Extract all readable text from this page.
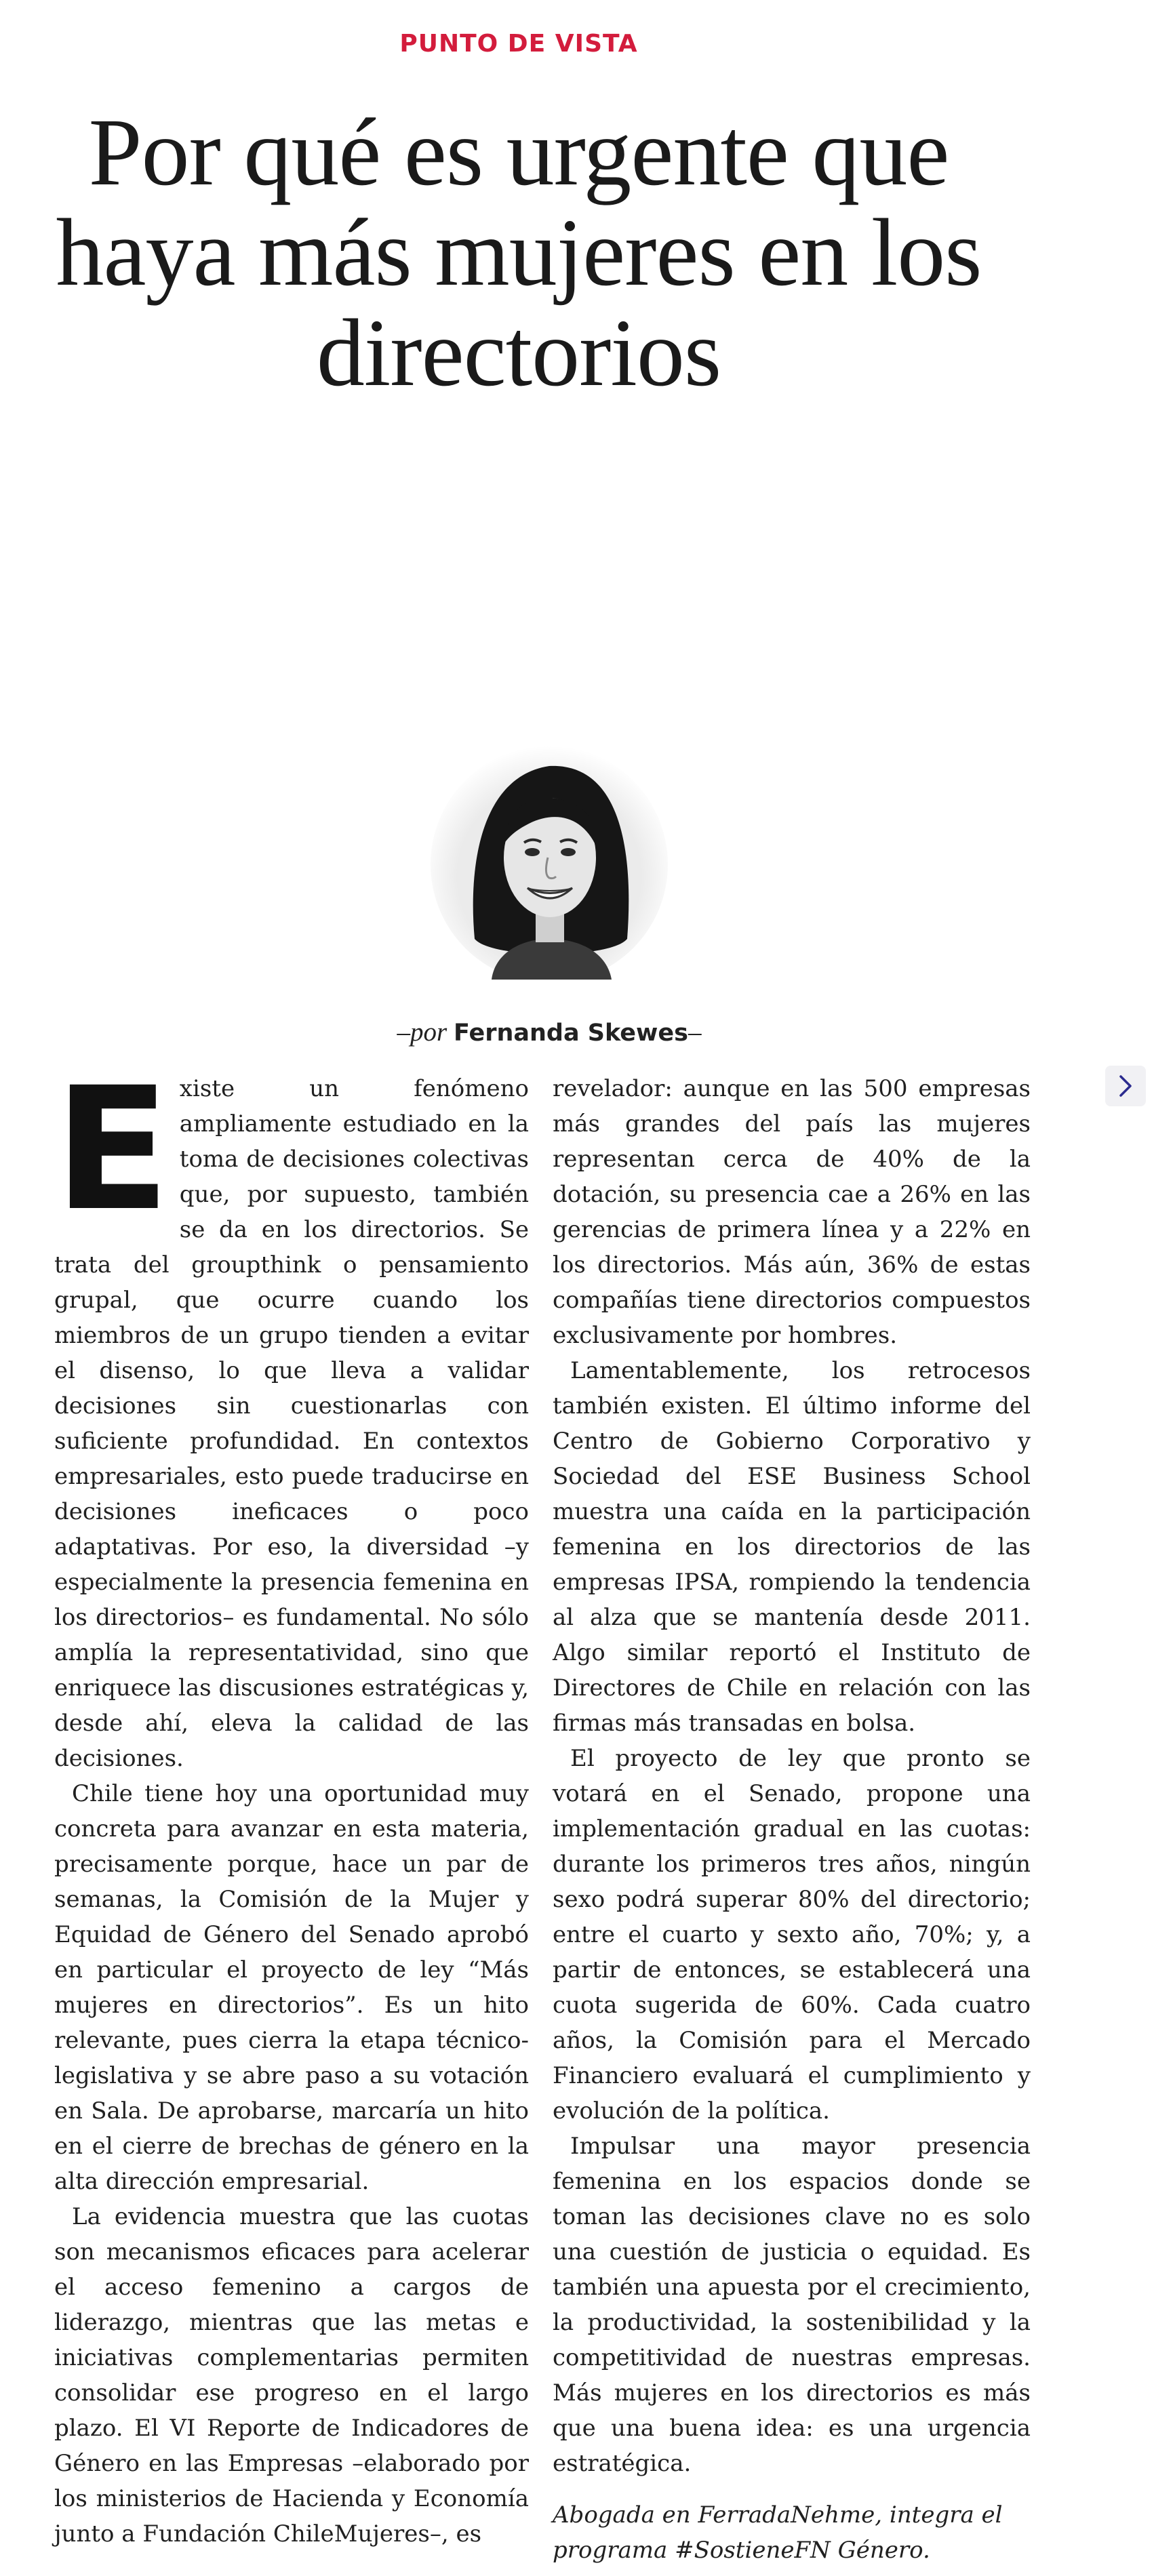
PUNTO DE VISTA
Por qué es urgente que haya más mujeres en los directorios
–por Fernanda Skewes–

Existe un fenómeno ampliamente estudiado en la toma de decisiones colectivas que, por supuesto, también se da en los directorios. Se trata del groupthink o pensamiento grupal, que ocurre cuando los miembros de un grupo tienden a evitar el disenso, lo que lleva a validar decisiones sin cuestionarlas con suficiente profundidad. En contextos empresariales, esto puede traducirse en decisiones ineficaces o poco adaptativas. Por eso, la diversidad –y especialmente la presencia femenina en los directorios– es fundamental. No sólo amplía la representatividad, sino que enriquece las discusiones estratégicas y, desde ahí, eleva la calidad de las decisiones.

Chile tiene hoy una oportunidad muy concreta para avanzar en esta materia, precisamente porque, hace un par de semanas, la Comisión de la Mujer y Equidad de Género del Senado aprobó en particular el proyecto de ley “Más mujeres en directorios”. Es un hito relevante, pues cierra la etapa técnico-legislativa y se abre paso a su votación en Sala. De aprobarse, marcaría un hito en el cierre de brechas de género en la alta dirección empresarial.

La evidencia muestra que las cuotas son mecanismos eficaces para acelerar el acceso femenino a cargos de liderazgo, mientras que las metas e iniciativas complementarias permiten consolidar ese progreso en el largo plazo. El VI Reporte de Indicadores de Género en las Empresas –elaborado por los ministerios de Hacienda y Economía junto a Fundación ChileMujeres–, es

revelador: aunque en las 500 empresas más grandes del país las mujeres representan cerca de 40% de la dotación, su presencia cae a 26% en las gerencias de primera línea y a 22% en los directorios. Más aún, 36% de estas compañías tiene directorios compuestos exclusivamente por hombres.

Lamentablemente, los retrocesos también existen. El último informe del Centro de Gobierno Corporativo y Sociedad del ESE Business School muestra una caída en la participación femenina en los directorios de las empresas IPSA, rompiendo la tendencia al alza que se mantenía desde 2011. Algo similar reportó el Instituto de Directores de Chile en relación con las firmas más transadas en bolsa.

El proyecto de ley que pronto se votará en el Senado, propone una implementación gradual en las cuotas: durante los primeros tres años, ningún sexo podrá superar 80% del directorio; entre el cuarto y sexto año, 70%; y, a partir de entonces, se establecerá una cuota sugerida de 60%. Cada cuatro años, la Comisión para el Mercado Financiero evaluará el cumplimiento y evolución de la política.

Impulsar una mayor presencia femenina en los espacios donde se toman las decisiones clave no es solo una cuestión de justicia o equidad. Es también una apuesta por el crecimiento, la productividad, la sostenibilidad y la competitividad de nuestras empresas. Más mujeres en los directorios es más que una buena idea: es una urgencia estratégica.

Abogada en FerradaNehme, integra el programa #SostieneFN Género.
